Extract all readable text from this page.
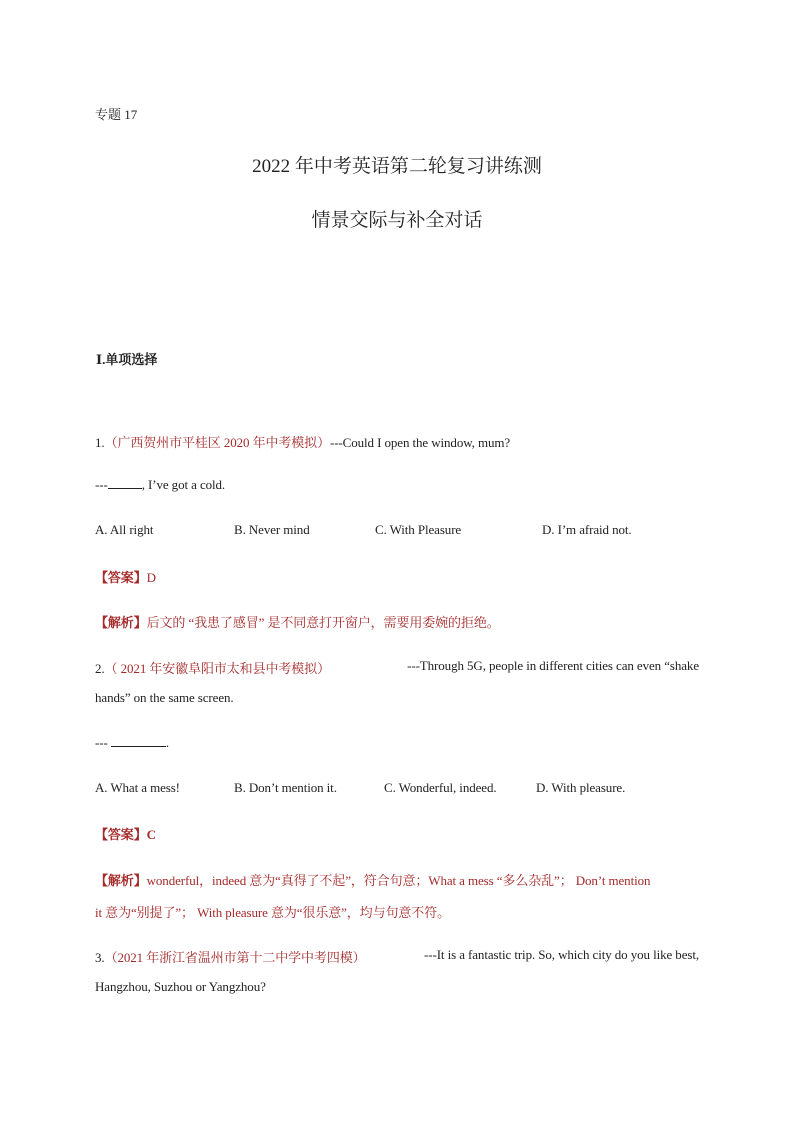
专题 17
2022 年中考英语第二轮复习讲练测
情景交际与补全对话
Ⅰ.单项选择
1.（广西贺州市平桂区 2020 年中考模拟）---Could I open the window, mum?
---	, I’ve got a cold.
A. All right	B. Never mind	C. With Pleasure	D. I’m afraid not.
【答案】D
【解析】后文的 “我患了感冒” 是不同意打开窗户，需要用委婉的拒绝。
2.（ 2021 年安徽阜阳市太和县中考模拟）	---Through 5G, people in different cities can even “shake
hands” on the same screen.
---	.
A. What a mess!	B. Don’t mention it.	C. Wonderful, indeed.	D. With pleasure.
【答案】C
【解析】wonderful，indeed 意为“真得了不起”，符合句意；What a mess “多么杂乱”； Don’t mention
it 意为“别提了”； With pleasure 意为“很乐意”，均与句意不符。
3.（2021 年浙江省温州市第十二中学中考四模）	---It is a fantastic trip. So, which city do you like best,
Hangzhou, Suzhou or Yangzhou?
